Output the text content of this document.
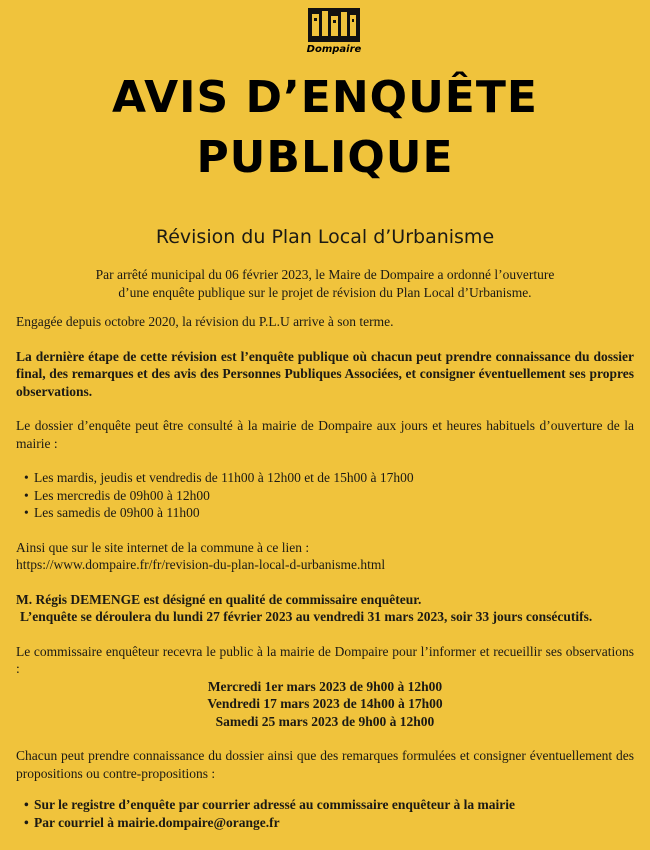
Dompaire
AVIS D’ENQUÊTE
PUBLIQUE
Révision du Plan Local d’Urbanisme

Par arrêté municipal du 06 février 2023, le Maire de Dompaire a ordonné l’ouverture
d’une enquête publique sur le projet de révision du Plan Local d’Urbanisme.

Engagée depuis octobre 2020, la révision du P.L.U arrive à son terme.

La dernière étape de cette révision est l’enquête publique où chacun peut prendre connaissance du dossier final, des remarques et des avis des Personnes Publiques Associées, et consigner éventuellement ses propres observations.

Le dossier d’enquête peut être consulté à la mairie de Dompaire aux jours et heures habituels d’ouverture de la mairie :

• Les mardis, jeudis et vendredis de 11h00 à 12h00 et de 15h00 à 17h00
• Les mercredis de 09h00 à 12h00
• Les samedis de 09h00 à 11h00

Ainsi que sur le site internet de la commune à ce lien :

https://www.dompaire.fr/fr/revision-du-plan-local-d-urbanisme.html

M. Régis DEMENGE est désigné en qualité de commissaire enquêteur.

L’enquête se déroulera du lundi 27 février 2023 au vendredi 31 mars 2023, soir 33 jours consécutifs.

Le commissaire enquêteur recevra le public à la mairie de Dompaire pour l’informer et recueillir ses observations :

Mercredi 1er mars 2023 de 9h00 à 12h00

Vendredi 17 mars 2023 de 14h00 à 17h00

Samedi 25 mars 2023 de 9h00 à 12h00

Chacun peut prendre connaissance du dossier ainsi que des remarques formulées et consigner éventuellement des propositions ou contre-propositions :

• Sur le registre d’enquête par courrier adressé au commissaire enquêteur à la mairie
• Par courriel à mairie.dompaire@orange.fr
